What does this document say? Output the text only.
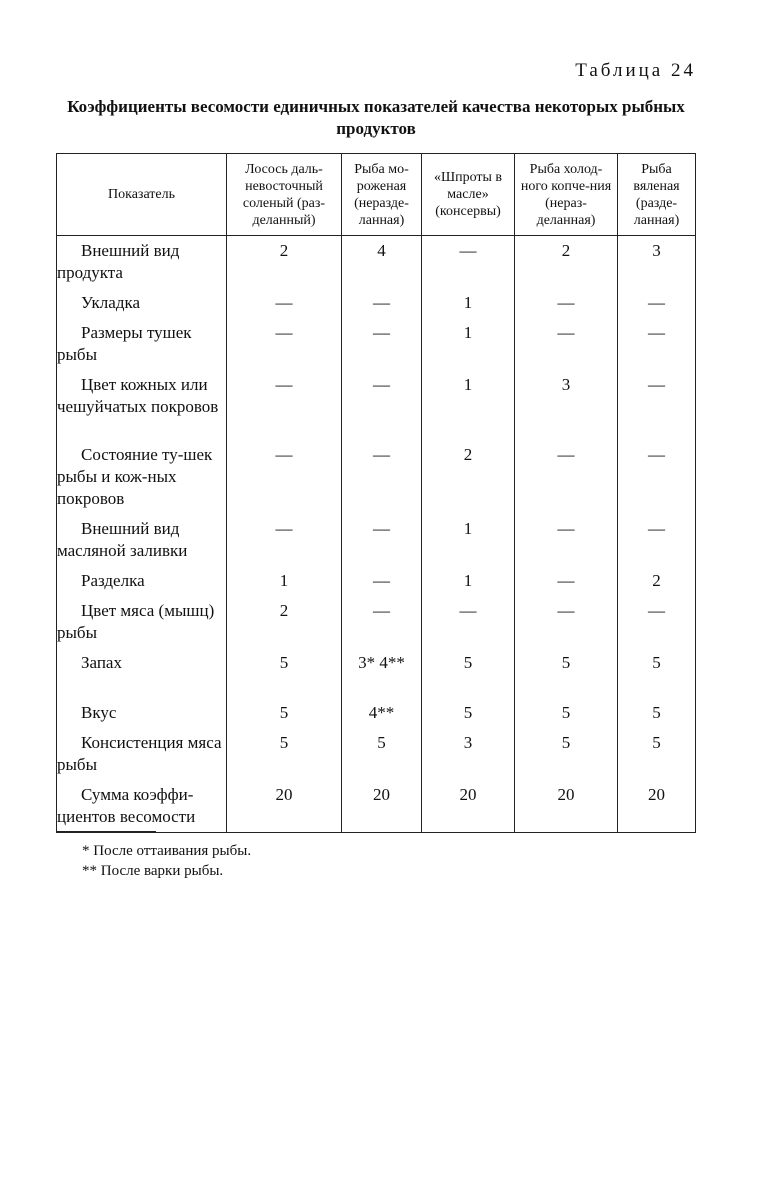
Таблица 24
Коэффициенты весомости единичных показателей качества некоторых рыбных продуктов
Показатель	Лосось даль-невосточный соленый (раз-деланный)	Рыба мо-роженая (неразде-ланная)	«Шпроты в масле» (консервы)	Рыба холод-ного копче-ния (нераз-деланная)	Рыба вяленая (разде-ланная)
Внешний вид продукта	2	4	—	2	3
Укладка	—	—	1	—	—
Размеры тушек рыбы	—	—	1	—	—
Цвет кожных или чешуйчатых покровов	—	—	1	3	—
Состояние ту-шек рыбы и кож-ных покровов	—	—	2	—	—
Внешний вид масляной заливки	—	—	1	—	—
Разделка	1	—	1	—	2
Цвет мяса (мышц) рыбы	2	—	—	—	—
Запах	5	3* 4**	5	5	5
Вкус	5	4**	5	5	5
Консистенция мяса рыбы	5	5	3	5	5
Сумма коэффи-циентов весомости	20	20	20	20	20
* После оттаивания рыбы.
** После варки рыбы.
